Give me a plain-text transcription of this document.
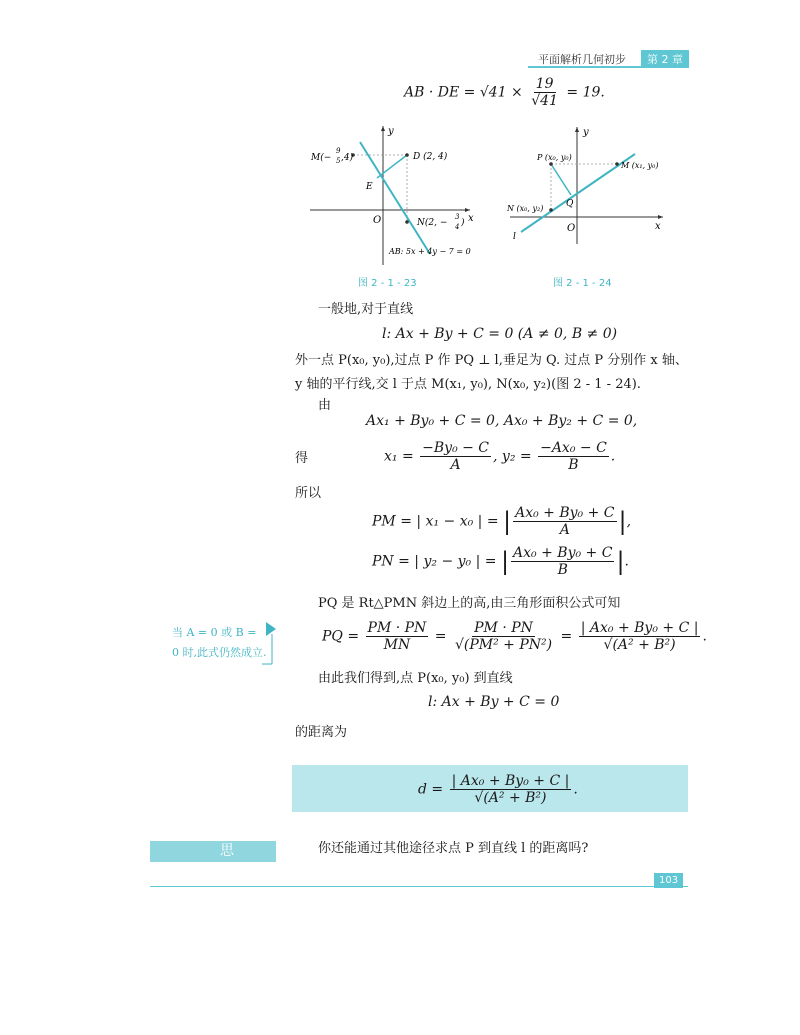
平面解析几何初步	第 2 章
AB · DE = $√41 \times \frac{19}{√41} = 19$.
y
x
O
M(−
9
5 ,4)	D (2, 4)
E
N(2, −
3
4 )
AB: 5x + 4y − 7 = 0
图 2 - 1 - 23
y
x
O
P (x₀, y₀)
M (x₁, y₀)
N (x₀, y₂)	Q
l
图 2 - 1 - 24
一般地,对于直线
l: Ax + By + C = 0 (A ≠ 0, B ≠ 0)
外一点 P(x₀, y₀),过点 P 作 PQ ⊥ l,垂足为 Q. 过点 P 分别作 x 轴、
y 轴的平行线,交 l 于点 M(x₁, y₀), N(x₀, y₂)(图 2 - 1 - 24).
由
Ax₁ + By₀ + C = 0, Ax₀ + By₂ + C = 0,
得	$x_1 = \frac{\text{−By₀ − C}}{A}$ , $y_2 = \frac{\text{−Ax₀ − C}}{B}$ .
所以
PM = | x₁ − x₀ | = | $\frac{\text{Ax₀ + By₀ + C}}{A}$ |,
PN = | y₂ − y₀ | = | $\frac{\text{Ax₀ + By₀ + C}}{B}$ |.
PQ 是 Rt△PMN 斜边上的高,由三角形面积公式可知
PQ = $\frac{PM \cdot PN}{MN} = \frac{PM \cdot PN}{\text{√(PM² + PN²)}} = \frac{\text{| Ax₀ + By₀ + C |}}{\text{√(A² + B²)}}$ .
当 A = 0 或 B =
0 时,此式仍然成立.
由此我们得到,点 P(x₀, y₀) 到直线
l: Ax + By + C = 0
的距离为
$d = \frac{\text{| Ax₀ + By₀ + C |}}{\text{√(A² + B²)}}$ .
思 考
你还能通过其他途径求点 P 到直线 l 的距离吗?
103
